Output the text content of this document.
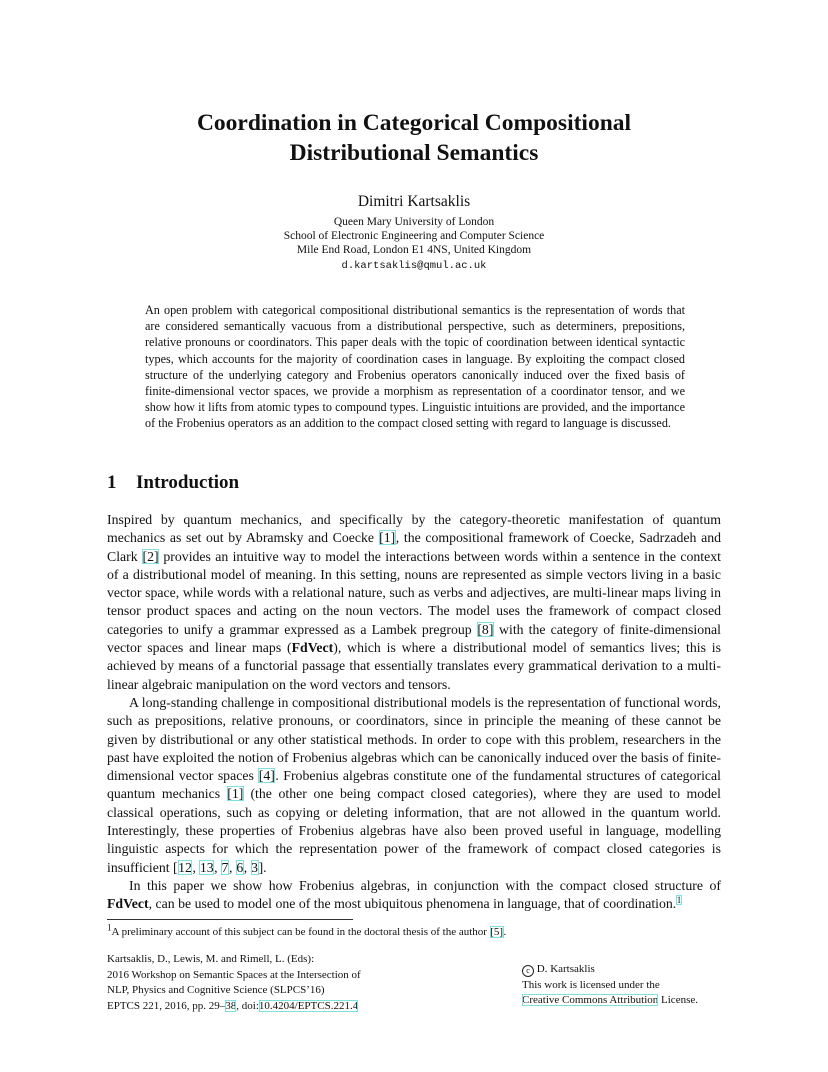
Coordination in Categorical Compositional
Distributional Semantics
Dimitri Kartsaklis
Queen Mary University of London
School of Electronic Engineering and Computer Science
Mile End Road, London E1 4NS, United Kingdom
d.kartsaklis@qmul.ac.uk

An open problem with categorical compositional distributional semantics is the representation of words that are considered semantically vacuous from a distributional perspective, such as determiners, prepositions, relative pronouns or coordinators. This paper deals with the topic of coordination between identical syntactic types, which accounts for the majority of coordination cases in language. By exploiting the compact closed structure of the underlying category and Frobenius operators canonically induced over the fixed basis of finite-dimensional vector spaces, we provide a morphism as representation of a coordinator tensor, and we show how it lifts from atomic types to compound types. Linguistic intuitions are provided, and the importance of the Frobenius operators as an addition to the compact closed setting with regard to language is discussed.

1 Introduction

Inspired by quantum mechanics, and specifically by the category-theoretic manifestation of quantum mechanics as set out by Abramsky and Coecke [1], the compositional framework of Coecke, Sadrzadeh and Clark [2] provides an intuitive way to model the interactions between words within a sentence in the context of a distributional model of meaning. In this setting, nouns are represented as simple vectors living in a basic vector space, while words with a relational nature, such as verbs and adjectives, are multi-linear maps living in tensor product spaces and acting on the noun vectors. The model uses the framework of compact closed categories to unify a grammar expressed as a Lambek pregroup [8] with the category of finite-dimensional vector spaces and linear maps (FdVect), which is where a distributional model of semantics lives; this is achieved by means of a functorial passage that essentially translates every grammatical derivation to a multi-linear algebraic manipulation on the word vectors and tensors.

A long-standing challenge in compositional distributional models is the representation of functional words, such as prepositions, relative pronouns, or coordinators, since in principle the meaning of these cannot be given by distributional or any other statistical methods. In order to cope with this problem, researchers in the past have exploited the notion of Frobenius algebras which can be canonically induced over the basis of finite-dimensional vector spaces [4]. Frobenius algebras constitute one of the fundamental structures of categorical quantum mechanics [1] (the other one being compact closed categories), where they are used to model classical operations, such as copying or deleting information, that are not allowed in the quantum world. Interestingly, these properties of Frobenius algebras have also been proved useful in language, modelling linguistic aspects for which the representation power of the framework of compact closed categories is insufficient [12, 13, 7, 6, 3].

In this paper we show how Frobenius algebras, in conjunction with the compact closed structure of FdVect, can be used to model one of the most ubiquitous phenomena in language, that of coordination.$^1$

$^1$A preliminary account of this subject can be found in the doctoral thesis of the author [5].
Kartsaklis, D., Lewis, M. and Rimell, L. (Eds):
2016 Workshop on Semantic Spaces at the Intersection of
NLP, Physics and Cognitive Science (SLPCS’16)
EPTCS 221, 2016, pp. 29–38, doi:10.4204/EPTCS.221.4
c D. Kartsaklis
This work is licensed under the
Creative Commons Attribution License.
